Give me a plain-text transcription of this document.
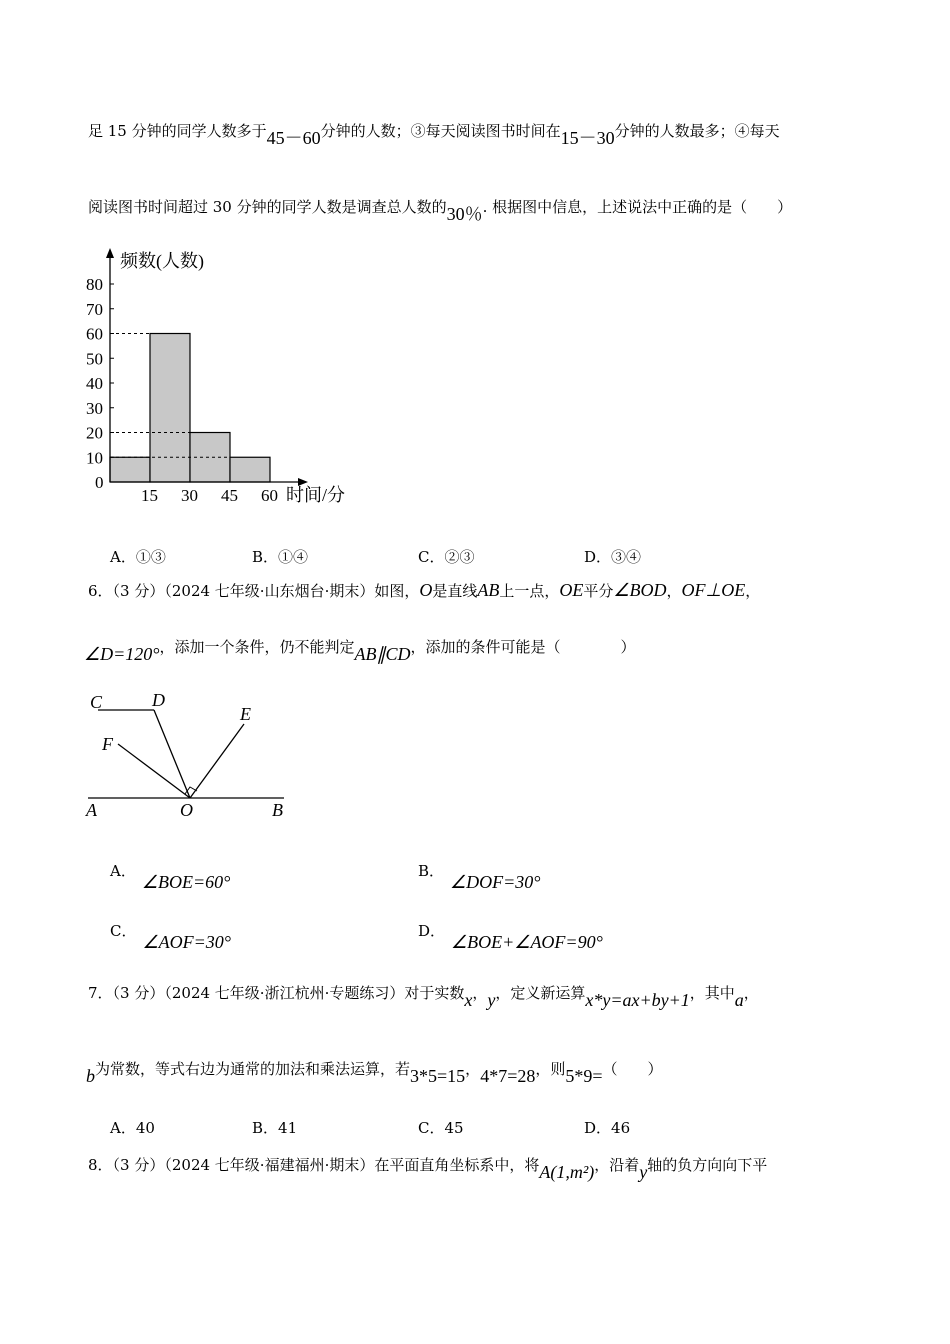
足 15 分钟的同学人数多于45－60分钟的人数；③每天阅读图书时间在15－30分钟的人数最多；④每天
阅读图书时间超过 30 分钟的同学人数是调查总人数的30％. 根据图中信息，上述说法中正确的是（　　）
0
10
20
30
40
50
60
70
80
15 30 45 60
频数(人数)
时间/分
A．①③	B．①④	C．②③	D．③④
6．（3 分）（2024 七年级·山东烟台·期末）如图，O是直线AB上一点，OE平分∠BOD，OF⊥OE，
∠D=120°，添加一个条件，仍不能判定AB∥CD，添加的条件可能是（　　　　）
C	D
E
F
A	O	B
A．∠BOE=60°
B．∠DOF=30°
C．∠AOF=30°
D．∠BOE+∠AOF=90°
7．（3 分）（2024 七年级·浙江杭州·专题练习）对于实数x，y，定义新运算x*y=ax+by+1，其中a，
b为常数，等式右边为通常的加法和乘法运算，若3*5=15，4*7=28，则5*9=（　　）
A．40	B．41	C．45	D．46
8．（3 分）（2024 七年级·福建福州·期末）在平面直角坐标系中，将A(1,m²)，沿着y轴的负方向向下平
